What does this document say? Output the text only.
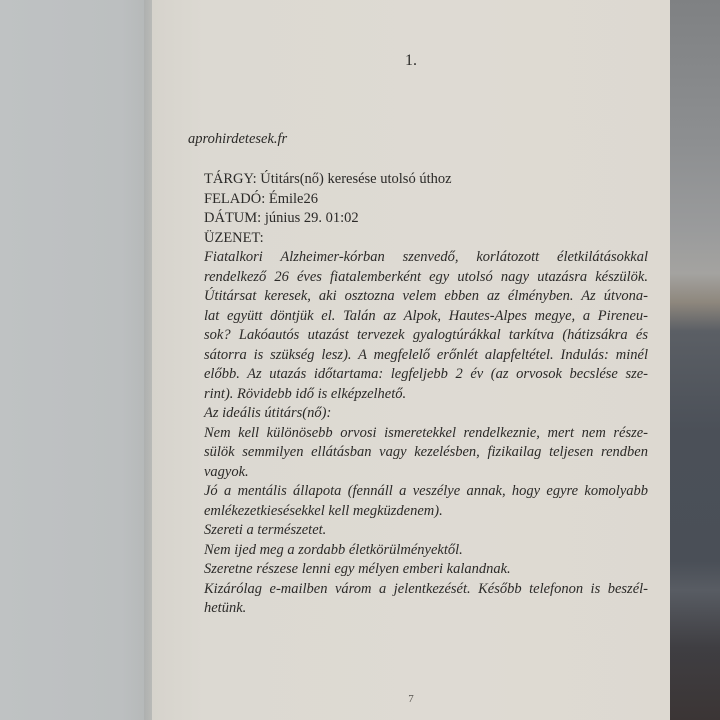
1.
aprohirdetesek.fr
TÁRGY: Útitárs(nő) keresése utolsó úthoz
FELADÓ: Émile26
DÁTUM: június 29. 01:02
ÜZENET:
Fiatalkori Alzheimer-kórban szenvedő, korlátozott életkilátásokkal
rendelkező 26 éves fiatalemberként egy utolsó nagy utazásra készülök.
Útitársat keresek, aki osztozna velem ebben az élményben. Az útvona-
lat együtt döntjük el. Talán az Alpok, Hautes-Alpes megye, a Pireneu-
sok? Lakóautós utazást tervezek gyalogtúrákkal tarkítva (hátizsákra és
sátorra is szükség lesz). A megfelelő erőnlét alapfeltétel. Indulás: minél
előbb. Az utazás időtartama: legfeljebb 2 év (az orvosok becslése sze-
rint). Rövidebb idő is elképzelhető.
Az ideális útitárs(nő):
Nem kell különösebb orvosi ismeretekkel rendelkeznie, mert nem része-
sülök semmilyen ellátásban vagy kezelésben, fizikailag teljesen rendben
vagyok.
Jó a mentális állapota (fennáll a veszélye annak, hogy egyre komolyabb
emlékezetkiesésekkel kell megküzdenem).
Szereti a természetet.
Nem ijed meg a zordabb életkörülményektől.
Szeretne részese lenni egy mélyen emberi kalandnak.
Kizárólag e-mailben várom a jelentkezését. Később telefonon is beszél-
hetünk.
7
